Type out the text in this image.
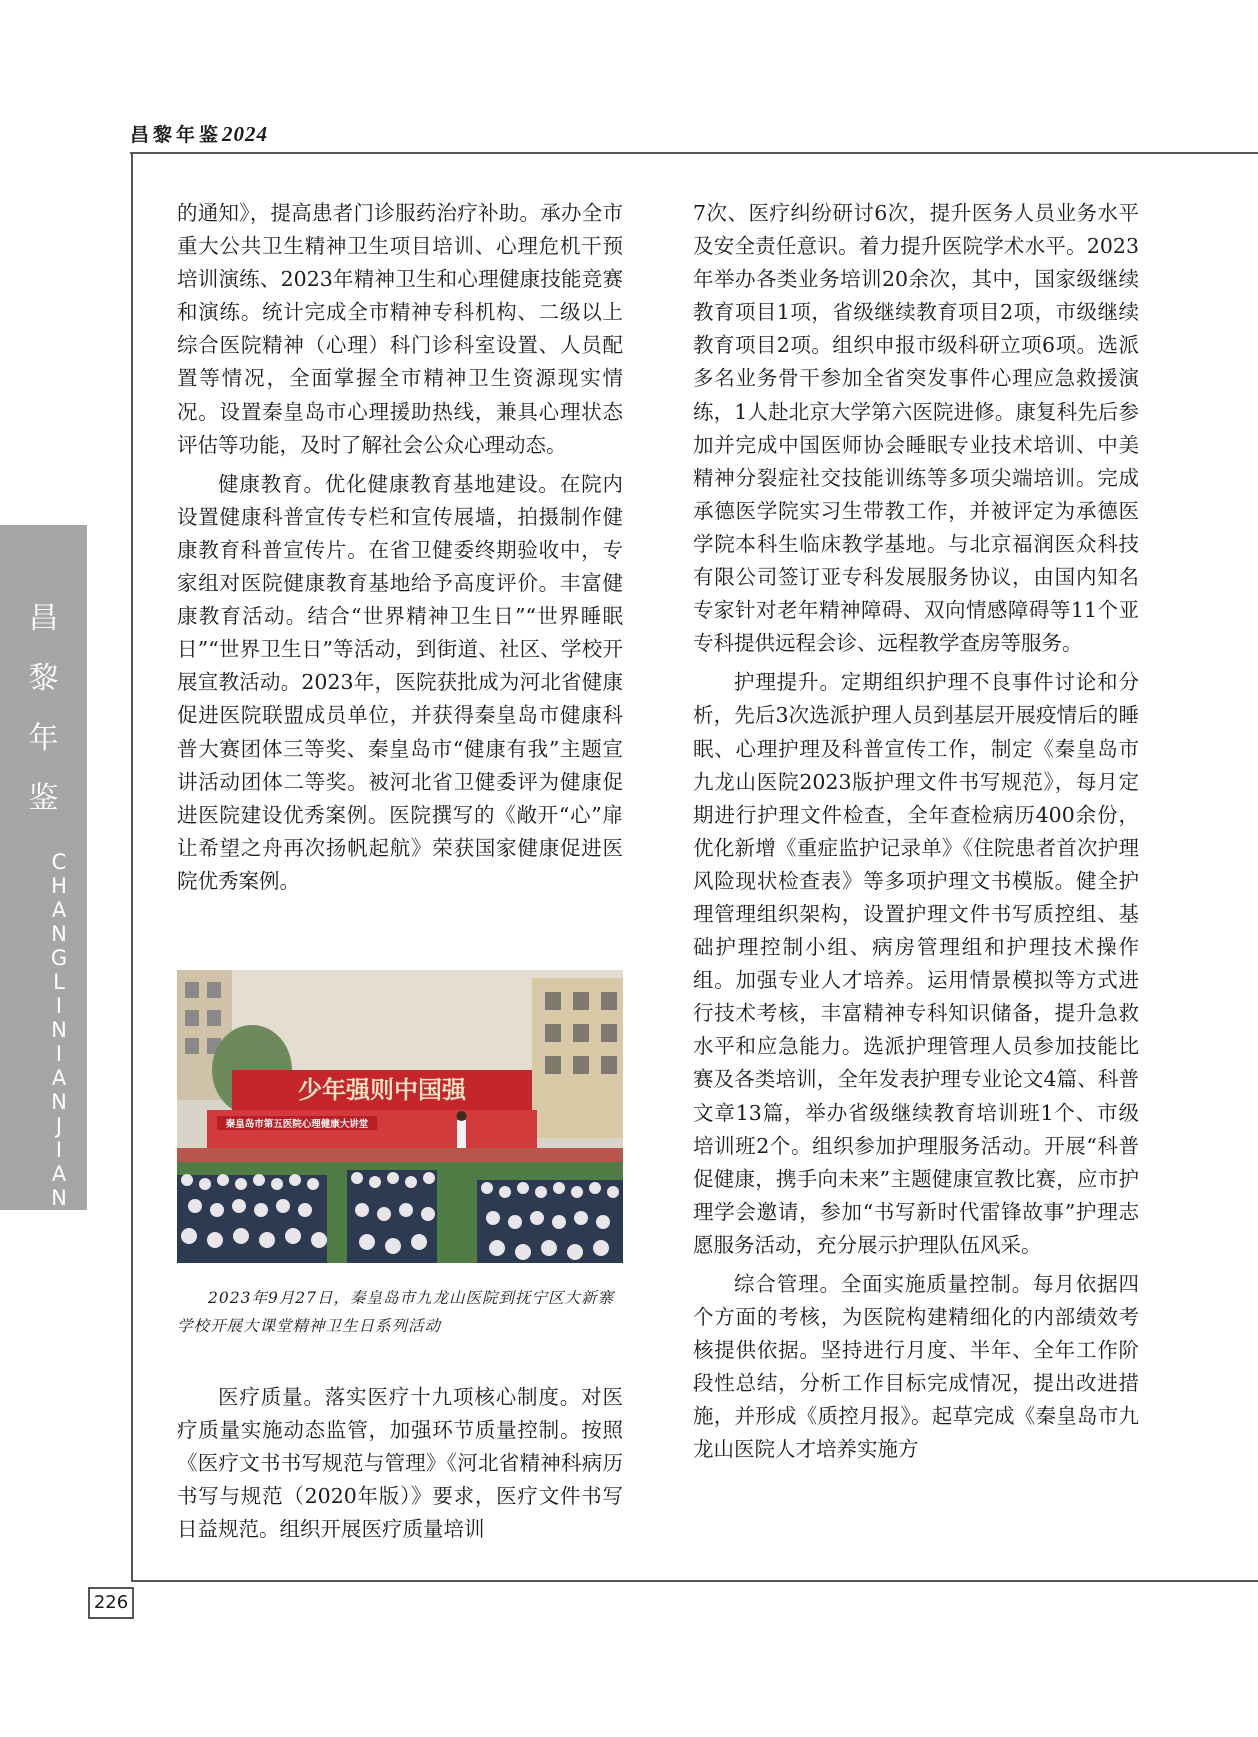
昌黎年鉴2024
昌
黎
年
鉴
CHANGLINIANJIAN
226

的通知》，提高患者门诊服药治疗补助。承办全市重大公共卫生精神卫生项目培训、心理危机干预培训演练、2023年精神卫生和心理健康技能竞赛和演练。统计完成全市精神专科机构、二级以上综合医院精神（心理）科门诊科室设置、人员配置等情况，全面掌握全市精神卫生资源现实情况。设置秦皇岛市心理援助热线，兼具心理状态评估等功能，及时了解社会公众心理动态。

健康教育。优化健康教育基地建设。在院内设置健康科普宣传专栏和宣传展墙，拍摄制作健康教育科普宣传片。在省卫健委终期验收中，专家组对医院健康教育基地给予高度评价。丰富健康教育活动。结合“世界精神卫生日”“世界睡眠日”“世界卫生日”等活动，到街道、社区、学校开展宣教活动。2023年，医院获批成为河北省健康促进医院联盟成员单位，并获得秦皇岛市健康科普大赛团体三等奖、秦皇岛市“健康有我”主题宣讲活动团体二等奖。被河北省卫健委评为健康促进医院建设优秀案例。医院撰写的《敞开“心”扉 让希望之舟再次扬帆起航》荣获国家健康促进医院优秀案例。

少年强则中国强
秦皇岛市第五医院心理健康大讲堂

2023年9月27日，秦皇岛市九龙山医院到抚宁区大新寨学校开展大课堂精神卫生日系列活动

医疗质量。落实医疗十九项核心制度。对医疗质量实施动态监管，加强环节质量控制。按照《医疗文书书写规范与管理》《河北省精神科病历书写与规范（2020年版）》要求，医疗文件书写日益规范。组织开展医疗质量培训

7次、医疗纠纷研讨6次，提升医务人员业务水平及安全责任意识。着力提升医院学术水平。2023年举办各类业务培训20余次，其中，国家级继续教育项目1项，省级继续教育项目2项，市级继续教育项目2项。组织申报市级科研立项6项。选派多名业务骨干参加全省突发事件心理应急救援演练，1人赴北京大学第六医院进修。康复科先后参加并完成中国医师协会睡眠专业技术培训、中美精神分裂症社交技能训练等多项尖端培训。完成承德医学院实习生带教工作，并被评定为承德医学院本科生临床教学基地。与北京福润医众科技有限公司签订亚专科发展服务协议，由国内知名专家针对老年精神障碍、双向情感障碍等11个亚专科提供远程会诊、远程教学查房等服务。

护理提升。定期组织护理不良事件讨论和分析，先后3次选派护理人员到基层开展疫情后的睡眠、心理护理及科普宣传工作，制定《秦皇岛市九龙山医院2023版护理文件书写规范》，每月定期进行护理文件检查，全年查检病历400余份，优化新增《重症监护记录单》《住院患者首次护理风险现状检查表》等多项护理文书模版。健全护理管理组织架构，设置护理文件书写质控组、基础护理控制小组、病房管理组和护理技术操作组。加强专业人才培养。运用情景模拟等方式进行技术考核，丰富精神专科知识储备，提升急救水平和应急能力。选派护理管理人员参加技能比赛及各类培训，全年发表护理专业论文4篇、科普文章13篇，举办省级继续教育培训班1个、市级培训班2个。组织参加护理服务活动。开展“科普促健康，携手向未来”主题健康宣教比赛，应市护理学会邀请，参加“书写新时代雷锋故事”护理志愿服务活动，充分展示护理队伍风采。

综合管理。全面实施质量控制。每月依据四个方面的考核，为医院构建精细化的内部绩效考核提供依据。坚持进行月度、半年、全年工作阶段性总结，分析工作目标完成情况，提出改进措施，并形成《质控月报》。起草完成《秦皇岛市九龙山医院人才培养实施方
